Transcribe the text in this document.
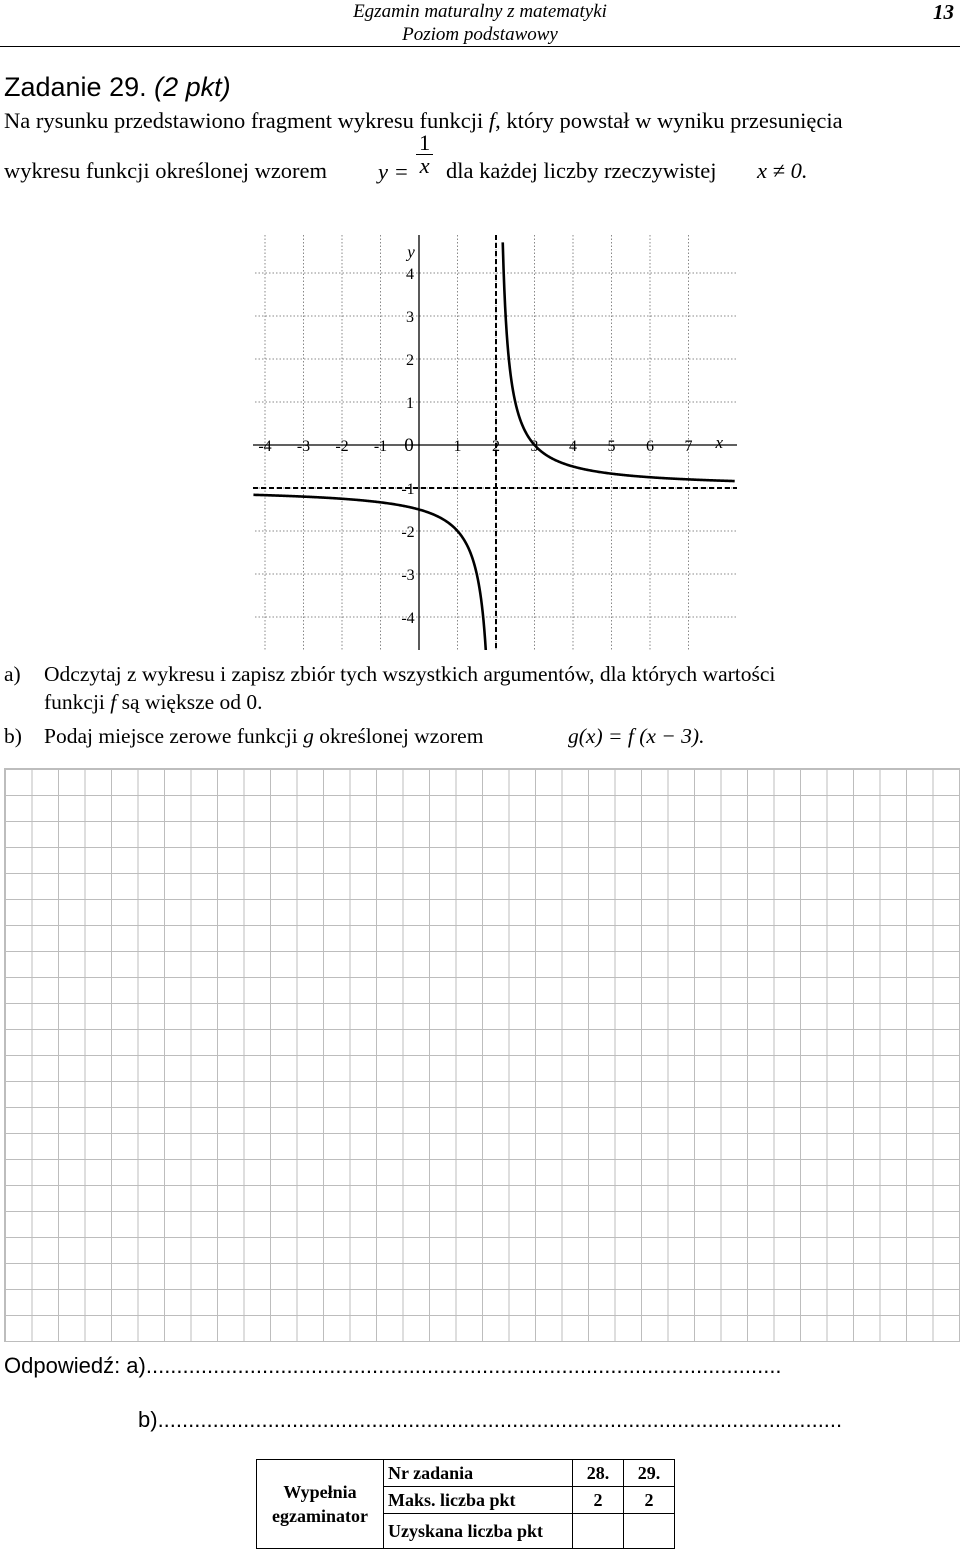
Egzamin maturalny z matematyki
Poziom podstawowy
13
Zadanie 29. (2 pkt)
Na rysunku przedstawiono fragment wykresu funkcji f, który powstał w wyniku przesunięcia
wykresu funkcji określonej wzorem $y = \frac{1}{x}$ dla każdej liczby rzeczywistej x ≠ 0.
-4 -3 -2 -1 0 1 2 3 4 5 6 7
4
3
2
1
-1
-2
-3
-4
x
y
a) Odczytaj z wykresu i zapisz zbiór tych wszystkich argumentów, dla których wartości
funkcji f są większe od 0.
b) Podaj miejsce zerowe funkcji g określonej wzorem	g(x) = f (x − 3).
Odpowiedź: a)........................................................................................................
b)................................................................................................................
Wypełnia egzaminator	Nr zadania	28.	29.
	Maks. liczba pkt	2	2
	Uzyskana liczba pkt		
